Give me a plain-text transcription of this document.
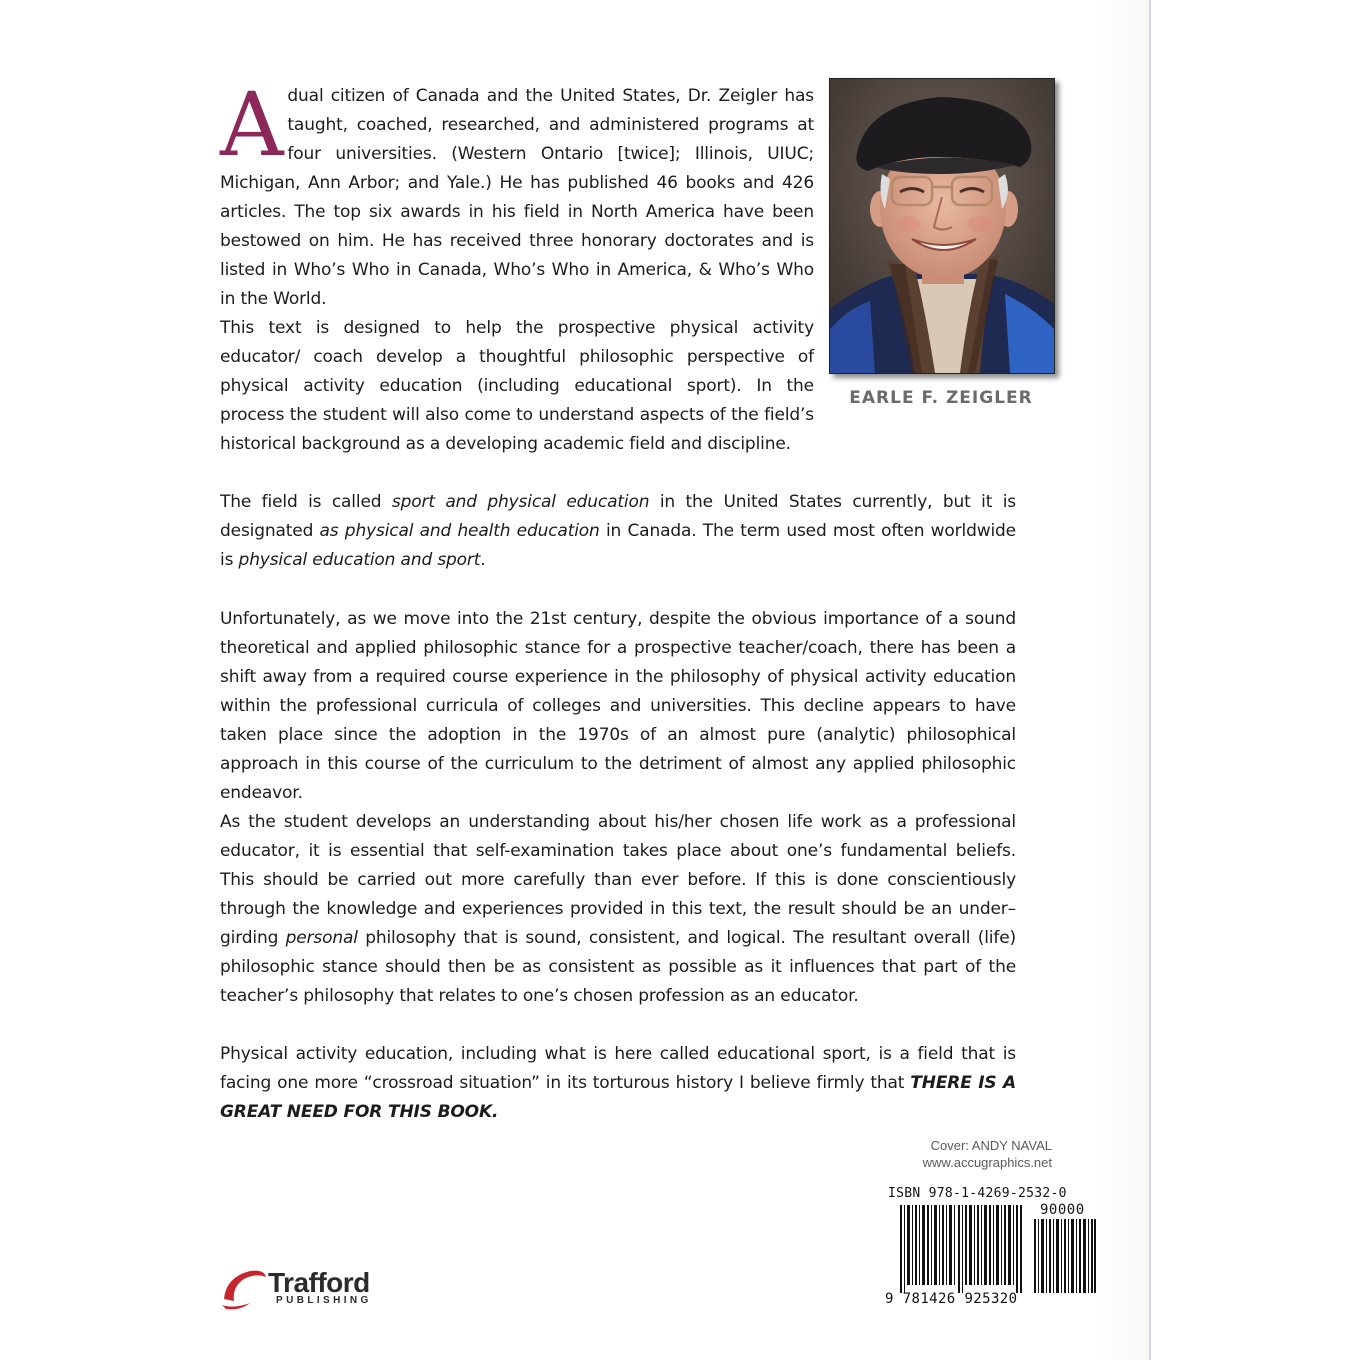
A dual citizen of Canada and the United States, Dr. Zeigler has taught, coached, researched, and administered programs at four universities. (Western Ontario [twice]; Illinois, UIUC; Michigan, Ann Arbor; and Yale.) He has published 46 books and 426 articles. The top six awards in his field in North America have been bestowed on him. He has received three honorary doctorates and is listed in Who’s Who in Canada, Who’s Who in America, & Who’s Who in the World.

This text is designed to help the prospective physical activity educator/ coach develop a thoughtful philosophic perspective of physical activity education (including educational sport). In the process the student will also come to understand aspects of the field’s historical background as a developing academic field and discipline.

The field is called sport and physical education in the United States currently, but it is designated as physical and health education in Canada. The term used most often worldwide is physical education and sport.

Unfortunately, as we move into the 21st century, despite the obvious importance of a sound theoretical and applied philosophic stance for a prospective teacher/coach, there has been a shift away from a required course experience in the philosophy of physical activity education within the professional curricula of colleges and universities. This decline appears to have taken place since the adoption in the 1970s of an almost pure (analytic) philosophical approach in this course of the curriculum to the detriment of almost any applied philosophic endeavor.

As the student develops an understanding about his/her chosen life work as a professional educator, it is essential that self-examination takes place about one’s fundamental beliefs. This should be carried out more carefully than ever before. If this is done conscientiously through the knowledge and experiences provided in this text, the result should be an under–girding personal philosophy that is sound, consistent, and logical. The resultant overall (life) philosophic stance should then be as consistent as possible as it influences that part of the teacher’s philosophy that relates to one’s chosen profession as an educator.

Physical activity education, including what is here called educational sport, is a field that is facing one more “crossroad situation” in its torturous history I believe firmly that THERE IS A GREAT NEED FOR THIS BOOK.

EARLE F. ZEIGLER
Cover: ANDY NAVAL
www.accugraphics.net
ISBN 978-1-4269-2532-0
90000
9 781426 925320
Trafford
PUBLISHING
